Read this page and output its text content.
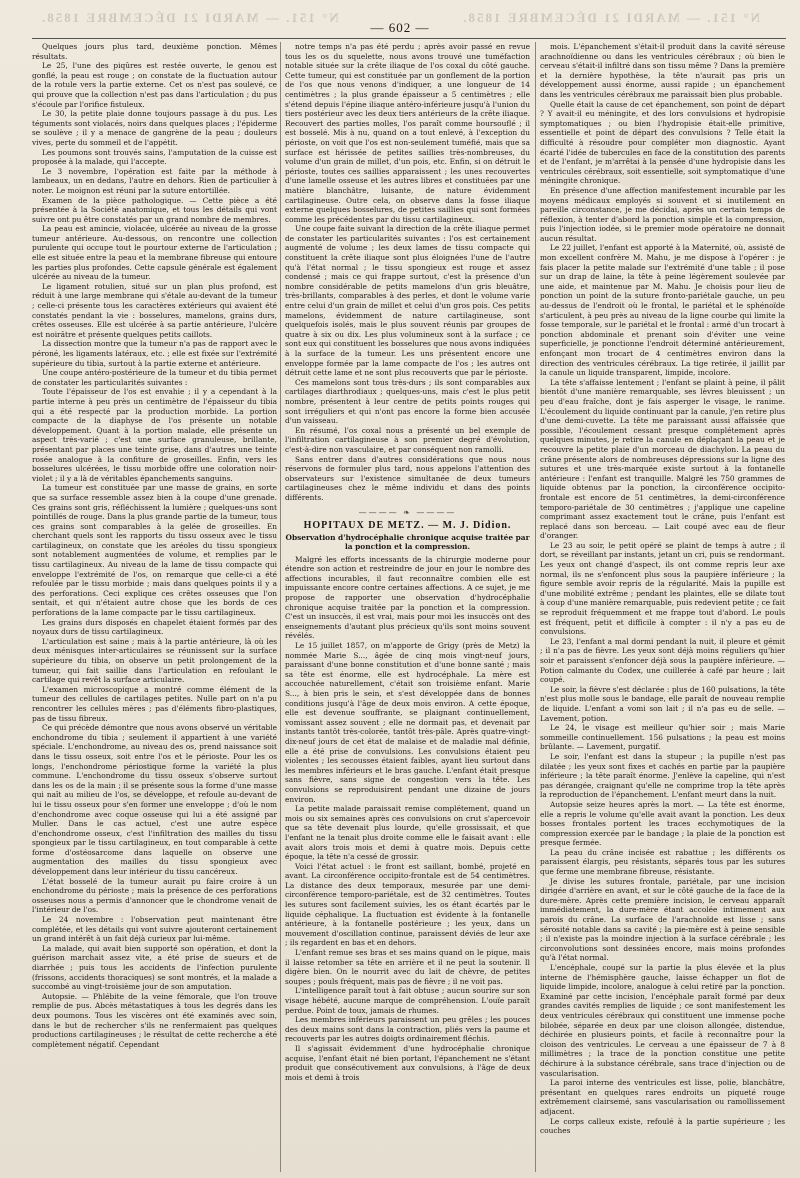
N° 151. — MARDI 21 DÉCEMBRE 1858.
N° 151. — MARDI 21 DÉCEMBRE 1858.
— 602 —

Quelques jours plus tard, deuxième ponction. Mêmes résultats.

Le 25, l'une des piqûres est restée ouverte, le genou est gonflé, la peau est rouge ; on constate de la fluctuation autour de la rotule vers la partie externe. Cet os n'est pas soulevé, ce qui prouve que la collection n'est pas dans l'articulation ; du pus s'écoule par l'orifice fistuleux.

Le 30, la petite plaie donne toujours passage à du pus. Les téguments sont violacés, noirs dans quelques places ; l'épiderme se soulève ; il y a menace de gangrène de la peau ; douleurs vives, perte du sommeil et de l'appétit.

Les poumons sont trouvés sains, l'amputation de la cuisse est proposée à la malade, qui l'accepte.

Le 3 novembre, l'opération est faite par la méthode à lambeaux, un en dedans, l'autre en dehors. Rien de particulier à noter. Le moignon est réuni par la suture entortillée.

Examen de la pièce pathologique. — Cette pièce a été présentée à la Société anatomique, et tous les détails qui vont suivre ont pu être constatés par un grand nombre de membres.

La peau est amincie, violacée, ulcérée au niveau de la grosse tumeur antérieure. Au-dessous, on rencontre une collection purulente qui occupe tout le pourtour externe de l'articulation ; elle est située entre la peau et la membrane fibreuse qui entoure les parties plus profondes. Cette capsule générale est également ulcérée au niveau de la tumeur.

Le ligament rotulien, situé sur un plan plus profond, est réduit à une large membrane qui s'étale au-devant de la tumeur ; celle-ci présente tous les caractères extérieurs qui avaient été constatés pendant la vie : bosselures, mamelons, grains durs, crêtes osseuses. Elle est ulcérée à sa partie antérieure, l'ulcère est noirâtre et présente quelques petits caillots.

La dissection montre que la tumeur n'a pas de rapport avec le péroné, les ligaments latéraux, etc. ; elle est fixée sur l'extrémité supérieure du tibia, surtout à la partie externe et antérieure.

Une coupe antéro-postérieure de la tumeur et du tibia permet de constater les particularités suivantes :

Toute l'épaisseur de l'os est envahie ; il y a cependant à la partie interne à peu près un centimètre de l'épaisseur du tibia qui a été respecté par la production morbide. La portion compacte de la diaphyse de l'os présente un notable développement. Quant à la portion malade, elle présente un aspect très-varié ; c'est une surface granuleuse, brillante, présentant par places une teinte grise, dans d'autres une teinte rosée analogue à la confiture de groseilles. Enfin, vers les bosselures ulcérées, le tissu morbide offre une coloration noir-violet ; il y a là de véritables épanchements sanguins.

La tumeur est constituée par une masse de grains, en sorte que sa surface ressemble assez bien à la coupe d'une grenade. Ces grains sont gris, réfléchissent la lumière ; quelques-uns sont pointillés de rouge. Dans la plus grande partie de la tumeur, tous ces grains sont comparables à la gelée de groseilles. En cherchant quels sont les rapports du tissu osseux avec le tissu cartilagineux, on constate que les aréoles du tissu spongieux sont notablement augmentées de volume, et remplies par le tissu cartilagineux. Au niveau de la lame de tissu compacte qui enveloppe l'extrémité de l'os, on remarque que celle-ci a été refoulée par le tissu morbide ; mais dans quelques points il y a des perforations. Ceci explique ces crêtes osseuses que l'on sentait, et qui n'étaient autre chose que les bords de ces perforations de la lame compacte par le tissu cartilagineux.

Les grains durs disposés en chapelet étaient formés par des noyaux durs de tissu cartilagineux.

L'articulation est saine ; mais à la partie antérieure, là où les deux ménisques inter-articulaires se réunissent sur la surface supérieure du tibia, on observe un petit prolongement de la tumeur, qui fait saillie dans l'articulation en refoulant le cartilage qui revêt la surface articulaire.

L'examen microscopique a montré comme élément de la tumeur des cellules de cartilages petites. Nulle part on n'a pu rencontrer les cellules mères ; pas d'éléments fibro-plastiques, pas de tissu fibreux.

Ce qui précède démontre que nous avons observé un véritable enchondrome du tibia ; seulement il appartient à une variété spéciale. L'enchondrome, au niveau des os, prend naissance soit dans le tissu osseux, soit entre l'os et le périoste. Pour les os longs, l'enchondrome périostique forme la variété la plus commune. L'enchondrome du tissu osseux s'observe surtout dans les os de la main ; il se présente sous la forme d'une masse qui naît au milieu de l'os, se développe, et refoule au-devant de lui le tissu osseux pour s'en former une enveloppe ; d'où le nom d'enchondrome avec coque osseuse qui lui a été assigné par Muller. Dans le cas actuel, c'est une autre espèce d'enchondrome osseux, c'est l'infiltration des mailles du tissu spongieux par le tissu cartilagineux, en tout comparable à cette forme d'ostéosarcome dans laquelle on observe une augmentation des mailles du tissu spongieux avec développement dans leur intérieur du tissu cancéreux.

L'état bosselé de la tumeur aurait pu faire croire à un enchondrome du périoste ; mais la présence de ces perforations osseuses nous a permis d'annoncer que le chondrome venait de l'intérieur de l'os.

Le 24 novembre : l'observation peut maintenant être complétée, et les détails qui vont suivre ajouteront certainement un grand intérêt à un fait déjà curieux par lui-même.

La malade, qui avait bien supporté son opération, et dont la guérison marchait assez vite, a été prise de sueurs et de diarrhée ; puis tous les accidents de l'infection purulente (frissons, accidents thoraciques) se sont montrés, et la malade a succombé au vingt-troisième jour de son amputation.

Autopsie. — Phlébite de la veine fémorale, que l'on trouve remplie de pus. Abcès métastatiques à tous les degrés dans les deux poumons. Tous les viscères ont été examinés avec soin, dans le but de rechercher s'ils ne renfermaient pas quelques productions cartilagineuses ; le résultat de cette recherche a été complètement négatif. Cependant

notre temps n'a pas été perdu ; après avoir passé en revue tous les os du squelette, nous avons trouvé une tuméfaction notable située sur la crête iliaque de l'os coxal du côté gauche. Cette tumeur, qui est constituée par un gonflement de la portion de l'os que nous venons d'indiquer, a une longueur de 14 centimètres ; la plus grande épaisseur a 5 centimètres ; elle s'étend depuis l'épine iliaque antéro-inférieure jusqu'à l'union du tiers postérieur avec les deux tiers antérieurs de la crête iliaque. Recouvert des parties molles, l'os paraît comme boursouflé ; il est bosselé. Mis à nu, quand on a tout enlevé, à l'exception du périoste, on voit que l'os est non-seulement tuméfié, mais que sa surface est hérissée de petites saillies très-nombreuses, du volume d'un grain de millet, d'un pois, etc. Enfin, si on détruit le périoste, toutes ces saillies apparaissent ; les unes recouvertes d'une lamelle osseuse et les autres libres et constituées par une matière blanchâtre, luisante, de nature évidemment cartilagineuse. Outre cela, on observe dans la fosse iliaque externe quelques bosselures, de petites saillies qui sont formées comme les précédentes par du tissu cartilagineux.

Une coupe faite suivant la direction de la crête iliaque permet de constater les particularités suivantes : l'os est certainement augmenté de volume ; les deux lames de tissu compacte qui constituent la crête iliaque sont plus éloignées l'une de l'autre qu'à l'état normal ; le tissu spongieux est rouge et assez condensé ; mais ce qui frappe surtout, c'est la présence d'un nombre considérable de petits mamelons d'un gris bleuâtre, très-brillants, comparables à des perles, et dont le volume varie entre celui d'un grain de millet et celui d'un gros pois. Ces petits mamelons, évidemment de nature cartilagineuse, sont quelquefois isolés, mais le plus souvent réunis par groupes de quatre à six ou dix. Les plus volumineux sont à la surface ; ce sont eux qui constituent les bosselures que nous avons indiquées à la surface de la tumeur. Les uns présentent encore une enveloppe formée par la lame compacte de l'os ; les autres ont détruit cette lame et ne sont plus recouverts que par le périoste.

Ces mamelons sont tous très-durs ; ils sont comparables aux cartilages diarthrodiaux ; quelques-uns, mais c'est le plus petit nombre, présentent à leur centre de petits points rouges qui sont irréguliers et qui n'ont pas encore la forme bien accusée d'un vaisseau.

En résumé, l'os coxal nous a présenté un bel exemple de l'infiltration cartilagineuse à son premier degré d'évolution, c'est-à-dire non vasculaire, et par conséquent non ramolli.

Sans entrer dans d'autres considérations que nous nous réservons de formuler plus tard, nous appelons l'attention des observateurs sur l'existence simultanée de deux tumeurs cartilagineuses chez le même individu et dans des points différents.

———— ❧ ————
HOPITAUX DE METZ. — M. J. Didion.
Observation d'hydrocéphalie chronique acquise traitée par la ponction et la compression.

Malgré les efforts incessants de la chirurgie moderne pour étendre son action et restreindre de jour en jour le nombre des affections incurables, il faut reconnaître combien elle est impuissante encore contre certaines affections. A ce sujet, je me propose de rapporter une observation d'hydrocéphalie chronique acquise traitée par la ponction et la compression. C'est un insuccès, il est vrai, mais pour moi les insuccès ont des enseignements d'autant plus précieux qu'ils sont moins souvent révélés.

Le 15 juillet 1857, on m'apporte de Grigy (près de Metz) la nommée Marie S..., âgée de cinq mois vingt-neuf jours, paraissant d'une bonne constitution et d'une bonne santé ; mais sa tête est énorme, elle est hydrocéphale. La mère est accouchée naturellement, c'était son troisième enfant. Marie S..., à bien pris le sein, et s'est développée dans de bonnes conditions jusqu'à l'âge de deux mois environ. A cette époque, elle est devenue souffrante, se plaignant continuellement, vomissant assez souvent ; elle ne dormait pas, et devenait par instants tantôt très-colorée, tantôt très-pâle. Après quatre-vingt-dix-neuf jours de cet état de malaise et de maladie mal définie, elle a été prise de convulsions. Les convulsions étaient peu violentes ; les secousses étaient faibles, ayant lieu surtout dans les membres inférieurs et le bras gauche. L'enfant était presque sans fièvre, sans signe de congestion vers la tête. Les convulsions se reproduisirent pendant une dizaine de jours environ.

La petite malade paraissait remise complétement, quand un mois ou six semaines après ces convulsions on crut s'apercevoir que sa tête devenait plus lourde, qu'elle grossissait, et que l'enfant ne la tenait plus droite comme elle le faisait avant : elle avait alors trois mois et demi à quatre mois. Depuis cette époque, la tête n'a cessé de grossir.

Voici l'état actuel : le front est saillant, bombé, projeté en avant. La circonférence occipito-frontale est de 54 centimètres. La distance des deux temporaux, mesurée par une demi-circonférence temporo-pariétale, est de 32 centimètres. Toutes les sutures sont facilement suivies, les os étant écartés par le liquide céphalique. La fluctuation est évidente à la fontanelle antérieure, à la fontanelle postérieure ; les yeux, dans un mouvement d'oscillation continue, paraissent déviés de leur axe ; ils regardent en bas et en dehors.

L'enfant remue ses bras et ses mains quand on le pique, mais il laisse retomber sa tête en arrière et il ne peut la soutenir. Il digère bien. On le nourrit avec du lait de chèvre, de petites soupes ; pouls fréquent, mais pas de fièvre ; il ne voit pas.

L'intelligence paraît tout à fait obtuse ; aucun sourire sur son visage hébété, aucune marque de compréhension. L'ouïe paraît perdue. Point de toux, jamais de rhumes.

Les membres inférieurs paraissent un peu grêles ; les pouces des deux mains sont dans la contraction, pliés vers la paume et recouverts par les autres doigts ordinairement fléchis.

Il s'agissait évidemment d'une hydrocéphalie chronique acquise, l'enfant était né bien portant, l'épanchement ne s'étant produit que consécutivement aux convulsions, à l'âge de deux mois et demi à trois

mois. L'épanchement s'était-il produit dans la cavité séreuse arachnoïdienne ou dans les ventricules cérébraux ; où bien le cerveau s'était-il infiltré dans son tissu même ? Dans la première et la dernière hypothèse, la tête n'aurait pas pris un développement aussi énorme, aussi rapide ; un épanchement dans les ventricules cérébraux me paraissait bien plus probable.

Quelle était la cause de cet épanchement, son point de départ ? Y avait-il eu méningite, et des lors convulsions et hydropisie symptomatiques ; ou bien l'hydropisie était-elle primitive, essentielle et point de départ des convulsions ? Telle était la difficulté à résoudre pour compléter mon diagnostic. Ayant écarté l'idée de tubercules en face de la constitution des parents et de l'enfant, je m'arrêtai à la pensée d'une hydropisie dans les ventricules cérébraux, soit essentielle, soit symptomatique d'une méningite chronique.

En présence d'une affection manifestement incurable par les moyens médicaux employés si souvent et si inutilement en pareille circonstance, je me décidai, après un certain temps de réflexion, à tenter d'abord la ponction simple et la compression, puis l'injection iodée, si le premier mode opératoire ne donnait aucun résultat.

Le 22 juillet, l'enfant est apporté à la Maternité, où, assisté de mon excellent confrère M. Mahu, je me dispose à l'opérer : je fais placer la petite malade sur l'extrémité d'une table ; il pose sur un drap de laine, la tête à peine légèrement soulevée par une aide, et maintenue par M. Mahu. Je choisis pour lieu de ponction un point de la suture fronto-pariétale gauche, un peu au-dessus de l'endroit où le frontal, le pariétal et le sphénoïde s'articulent, à peu près au niveau de la ligne courbe qui limite la fosse temporale, sur le pariétal et le frontal : armé d'un trocart à ponction abdominale et prenant soin d'éviter une veine superficielle, je ponctionne l'endroit déterminé antérieurement, enfonçant mon trocart de 4 centimètres environ dans la direction des ventricules cérébraux. La tige retirée, il jaillit par la canule un liquide transparent, limpide, incolore.

La tête s'affaisse lentement ; l'enfant se plaint à peine, il pâlit bientôt d'une manière remarquable, ses lèvres bleuissent ; un peu d'eau fraîche, dont je fais asperger le visage, le ranime. L'écoulement du liquide continuant par la canule, j'en retire plus d'une demi-cuvette. La tête me paraissant aussi affaissée que possible, l'écoulement cessant presque complétement après quelques minutes, je retire la canule en déplaçant la peau et je recouvre la petite plaie d'un morceau de diachylon. La peau du crâne présente alors de nombreuses dépressions sur la ligne des sutures et une très-marquée existe surtout à la fontanelle antérieure : l'enfant est tranquille. Malgré les 750 grammes de liquide obtenus par la ponction, la circonférence occipito-frontale est encore de 51 centimètres, la demi-circonférence temporo-pariétale de 30 centimètres ; j'applique une capeline comprimant assez exactement tout le crâne, puis l'enfant est replacé dans son berceau. — Lait coupé avec eau de fleur d'oranger.

Le 23 au soir, le petit opéré se plaint de temps à autre ; il dort, se réveillant par instants, jetant un cri, puis se rendormant. Les yeux ont changé d'aspect, ils ont comme repris leur axe normal, ils ne s'enfoncent plus sous la paupière inférieure ; la figure semble avoir repris de la régularité. Mais la pupille est d'une mobilité extrême ; pendant les plaintes, elle se dilate tout à coup d'une manière remarquable, puis redevient petite ; ce fait se reproduit fréquemment et me frappe tout d'abord. Le pouls est fréquent, petit et difficile à compter : il n'y a pas eu de convulsions.

Le 23, l'enfant a mal dormi pendant la nuit, il pleure et gémit ; il n'a pas de fièvre. Les yeux sont déjà moins réguliers qu'hier soir et paraissent s'enfoncer déjà sous la paupière inférieure. — Potion calmante du Codex, une cuillerée à café par heure ; lait coupé.

Le soir, la fièvre s'est déclarée : plus de 160 pulsations, la tête n'est plus molle sous le bandage, elle paraît de nouveau remplie de liquide. L'enfant a vomi son lait ; il n'a pas eu de selle. — Lavement, potion.

Le 24, le visage est meilleur qu'hier soir ; mais Marie sommeille continuellement. 156 pulsations ; la peau est moins brûlante. — Lavement, purgatif.

Le soir, l'enfant est dans la stupeur ; la pupille n'est pas dilatée ; les yeux sont fixes et cachés en partie par la paupière inférieure ; la tête paraît énorme. J'enlève la capeline, qui n'est pas dérangée, craignant qu'elle ne comprime trop la tête après la reproduction de l'épanchement. L'enfant meurt dans la nuit.

Autopsie seize heures après la mort. — La tête est énorme, elle a repris le volume qu'elle avait avant la ponction. Les deux bosses frontales portent les traces ecchymotiques de la compression exercée par le bandage ; la plaie de la ponction est presque fermée.

La peau du crâne incisée est rabattue ; les différents os paraissent élargis, peu résistants, séparés tous par les sutures que ferme une membrane fibreuse, résistante.

Je divise les sutures frontale, pariétale, par une incision dirigée d'arrière en avant, et sur le côté gauche de la face de la dure-mère. Après cette première incision, le cerveau apparaît immédiatement, la dure-mère étant accolée intimement aux parois du crâne. La surface de l'arachnoïde est lisse ; sans sérosité notable dans sa cavité ; la pie-mère est à peine sensible ; il n'existe pas la moindre injection à la surface cérébrale ; les circonvolutions sont dessinées encore, mais moins profondes qu'à l'état normal.

L'encéphale, coupé sur la partie la plus élevée et la plus interne de l'hémisphère gauche, laisse échapper un flot de liquide limpide, incolore, analogue à celui retiré par la ponction. Examiné par cette incision, l'encéphale paraît formé par deux grandes cavités remplies de liquide ; ce sont manifestement les deux ventricules cérébraux qui constituent une immense poche bilobée, séparée en deux par une cloison allongée, distendue, déchirée en plusieurs points, et facile à reconnaître pour la cloison des ventricules. Le cerveau a une épaisseur de 7 à 8 millimètres ; la trace de la ponction constitue une petite déchirure à la substance cérébrale, sans trace d'injection ou de vascularisation.

La paroi interne des ventricules est lisse, polie, blanchâtre, présentant en quelques rares endroits un piqueté rouge extrêmement clairsemé, sans vascularisation ou ramollissement adjacent.

Le corps calleux existe, refoulé à la partie supérieure ; les couches
